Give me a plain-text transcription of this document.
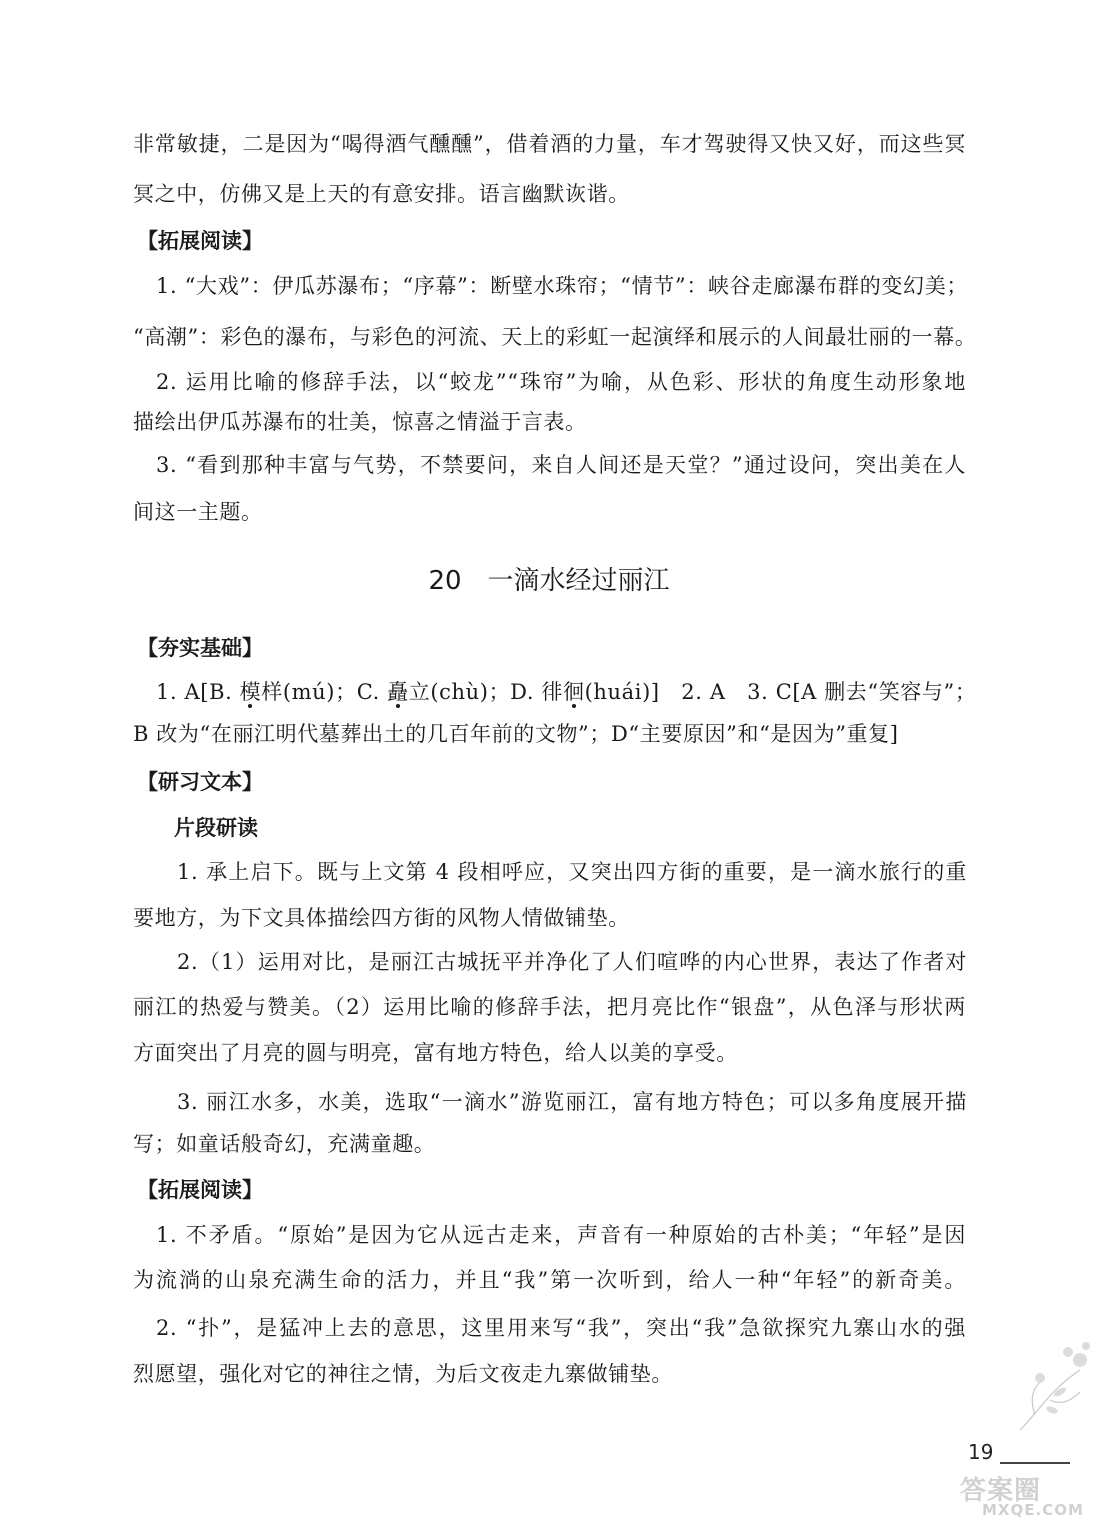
非常敏捷，二是因为“喝得酒气醺醺”，借着酒的力量，车才驾驶得又快又好，而这些冥
冥之中，仿佛又是上天的有意安排。语言幽默诙谐。
【拓展阅读】
1. “大戏”：伊瓜苏瀑布；“序幕”：断壁水珠帘；“情节”：峡谷走廊瀑布群的变幻美；
“高潮”：彩色的瀑布，与彩色的河流、天上的彩虹一起演绎和展示的人间最壮丽的一幕。
2. 运用比喻的修辞手法，以“蛟龙”“珠帘”为喻，从色彩、形状的角度生动形象地
描绘出伊瓜苏瀑布的壮美，惊喜之情溢于言表。
3. “看到那种丰富与气势，不禁要问，来自人间还是天堂？”通过设问，突出美在人
间这一主题。
20　一滴水经过丽江
【夯实基础】
1. A[B. 模样(mú)；C. 矗立(chù)；D. 徘徊(huái)]　2. A　3. C[A 删去“笑容与”；
B 改为“在丽江明代墓葬出土的几百年前的文物”；D“主要原因”和“是因为”重复]
【研习文本】
片段研读
1. 承上启下。既与上文第 4 段相呼应，又突出四方街的重要，是一滴水旅行的重
要地方，为下文具体描绘四方街的风物人情做铺垫。
2.（1）运用对比，是丽江古城抚平并净化了人们喧哗的内心世界，表达了作者对
丽江的热爱与赞美。（2）运用比喻的修辞手法，把月亮比作“银盘”，从色泽与形状两
方面突出了月亮的圆与明亮，富有地方特色，给人以美的享受。
3. 丽江水多，水美，选取“一滴水”游览丽江，富有地方特色；可以多角度展开描
写；如童话般奇幻，充满童趣。
【拓展阅读】
1. 不矛盾。“原始”是因为它从远古走来，声音有一种原始的古朴美；“年轻”是因
为流淌的山泉充满生命的活力，并且“我”第一次听到，给人一种“年轻”的新奇美。
2. “扑”，是猛冲上去的意思，这里用来写“我”，突出“我”急欲探究九寨山水的强
烈愿望，强化对它的神往之情，为后文夜走九寨做铺垫。
19
答案圈
MXQE.COM
